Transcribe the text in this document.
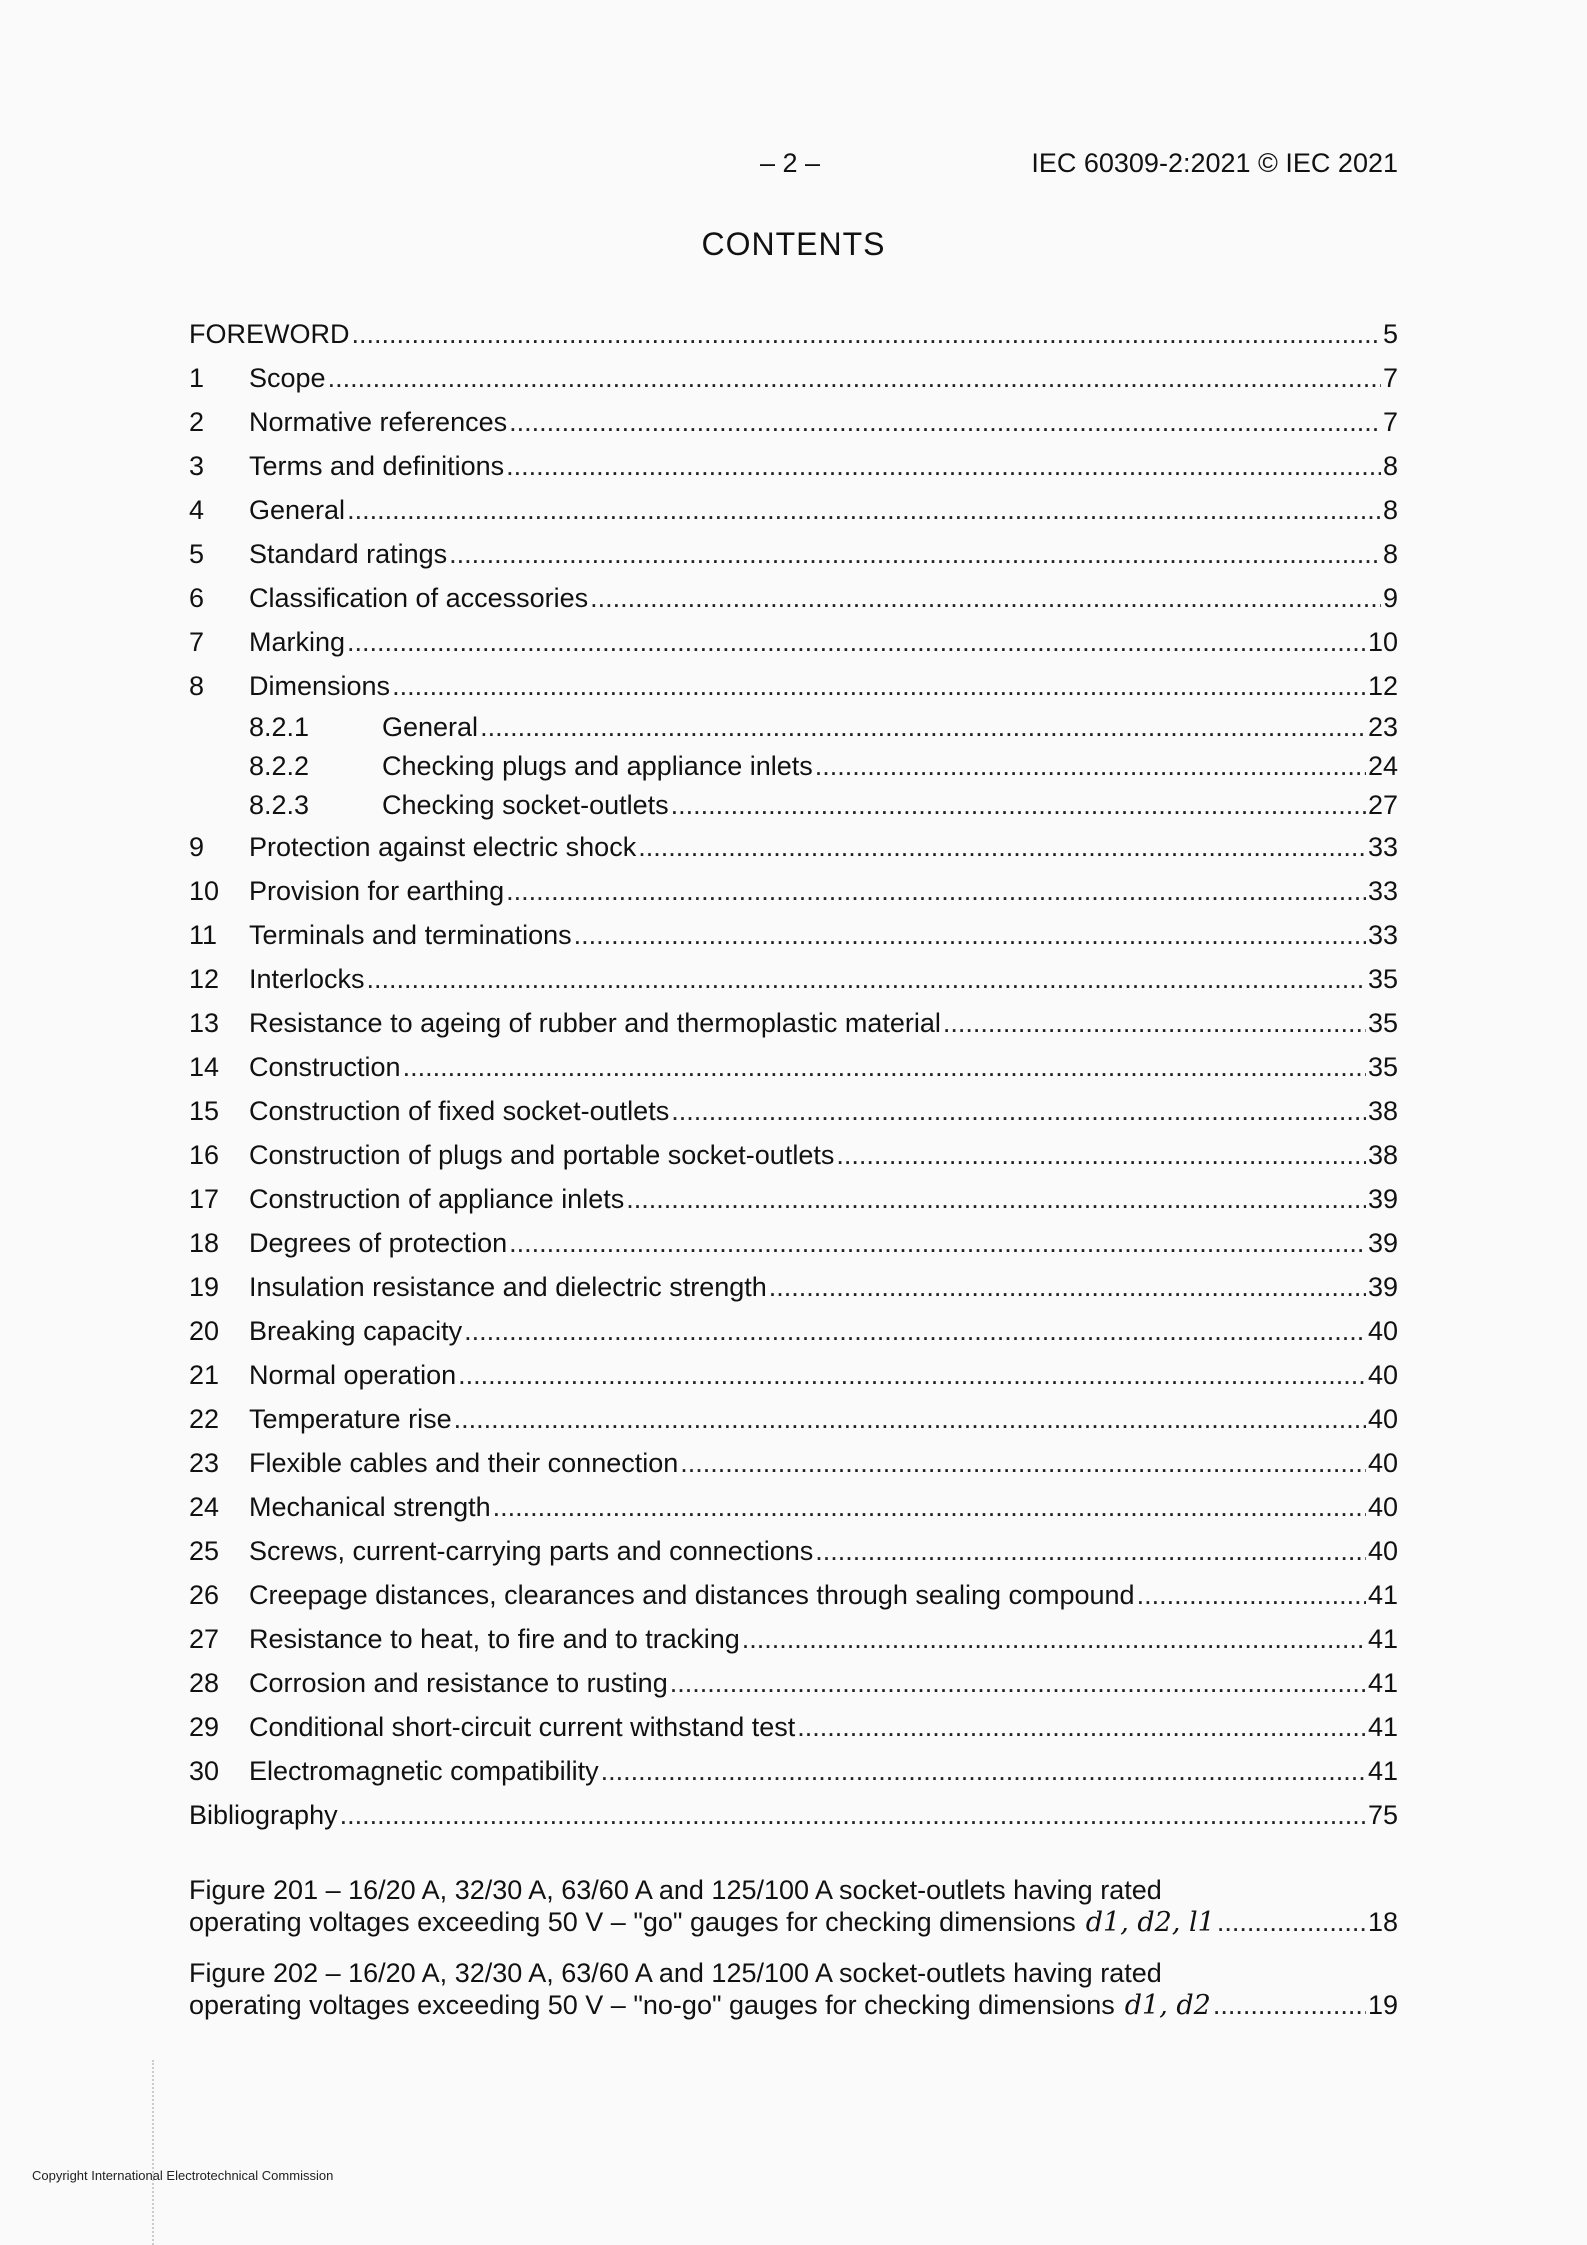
– 2 –	IEC 60309-2:2021 © IEC 2021
CONTENTS
FOREWORD .....	5
1	Scope .....	7
2	Normative references .....	7
3	Terms and definitions .....	8
4	General .....	8
5	Standard ratings .....	8
6	Classification of accessories .....	9
7	Marking .....	10
8	Dimensions .....	12
8.2.1	General .....	23
8.2.2	Checking plugs and appliance inlets .....	24
8.2.3	Checking socket-outlets .....	27
9	Protection against electric shock .....	33
10	Provision for earthing .....	33
11	Terminals and terminations .....	33
12	Interlocks .....	35
13	Resistance to ageing of rubber and thermoplastic material .....	35
14	Construction .....	35
15	Construction of fixed socket-outlets .....	38
16	Construction of plugs and portable socket-outlets .....	38
17	Construction of appliance inlets .....	39
18	Degrees of protection .....	39
19	Insulation resistance and dielectric strength .....	39
20	Breaking capacity .....	40
21	Normal operation .....	40
22	Temperature rise .....	40
23	Flexible cables and their connection .....	40
24	Mechanical strength .....	40
25	Screws, current-carrying parts and connections .....	40
26	Creepage distances, clearances and distances through sealing compound .....	41
27	Resistance to heat, to fire and to tracking .....	41
28	Corrosion and resistance to rusting .....	41
29	Conditional short-circuit current withstand test .....	41
30	Electromagnetic compatibility .....	41
Bibliography .....	75
Figure 201 – 16/20 A, 32/30 A, 63/60 A and 125/100 A socket-outlets having rated
operating voltages exceeding 50 V – "go" gauges for checking dimensions d1, d2, l1 .....	18
Figure 202 – 16/20 A, 32/30 A, 63/60 A and 125/100 A socket-outlets having rated
operating voltages exceeding 50 V – "no-go" gauges for checking dimensions d1, d2 .....	19
Copyright International Electrotechnical Commission
